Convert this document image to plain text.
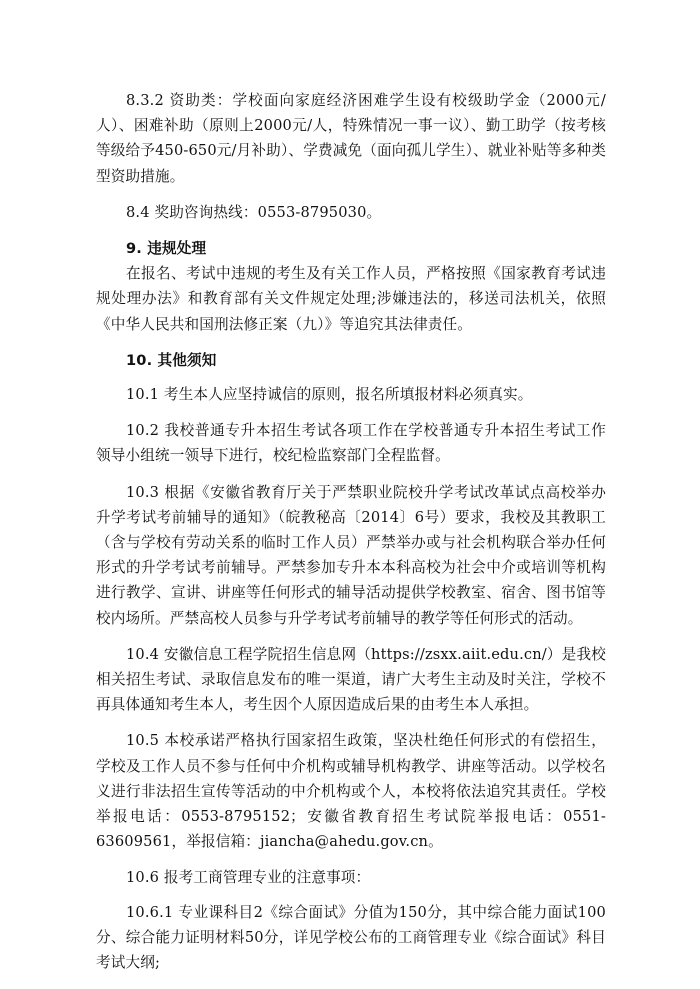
8.3.2 资助类：学校面向家庭经济困难学生设有校级助学金（2000元/人）、困难补助（原则上2000元/人，特殊情况一事一议）、勤工助学（按考核等级给予450-650元/月补助）、学费减免（面向孤儿学生）、就业补贴等多种类型资助措施。

8.4 奖助咨询热线：0553-8795030。

9. 违规处理

在报名、考试中违规的考生及有关工作人员，严格按照《国家教育考试违规处理办法》和教育部有关文件规定处理;涉嫌违法的，移送司法机关，依照《中华人民共和国刑法修正案（九）》等追究其法律责任。

10. 其他须知

10.1 考生本人应坚持诚信的原则，报名所填报材料必须真实。

10.2 我校普通专升本招生考试各项工作在学校普通专升本招生考试工作领导小组统一领导下进行，校纪检监察部门全程监督。

10.3 根据《安徽省教育厅关于严禁职业院校升学考试改革试点高校举办升学考试考前辅导的通知》（皖教秘高〔2014〕6号）要求，我校及其教职工（含与学校有劳动关系的临时工作人员）严禁举办或与社会机构联合举办任何形式的升学考试考前辅导。严禁参加专升本本科高校为社会中介或培训等机构进行教学、宣讲、讲座等任何形式的辅导活动提供学校教室、宿舍、图书馆等校内场所。严禁高校人员参与升学考试考前辅导的教学等任何形式的活动。

10.4 安徽信息工程学院招生信息网（https://zsxx.aiit.edu.cn/）是我校相关招生考试、录取信息发布的唯一渠道，请广大考生主动及时关注，学校不再具体通知考生本人，考生因个人原因造成后果的由考生本人承担。

10.5 本校承诺严格执行国家招生政策，坚决杜绝任何形式的有偿招生，学校及工作人员不参与任何中介机构或辅导机构教学、讲座等活动。以学校名义进行非法招生宣传等活动的中介机构或个人，本校将依法追究其责任。学校举报电话：0553-8795152；安徽省教育招生考试院举报电话：0551-63609561，举报信箱：jiancha@ahedu.gov.cn。

10.6 报考工商管理专业的注意事项：

10.6.1 专业课科目2《综合面试》分值为150分，其中综合能力面试100分、综合能力证明材料50分，详见学校公布的工商管理专业《综合面试》科目考试大纲;
